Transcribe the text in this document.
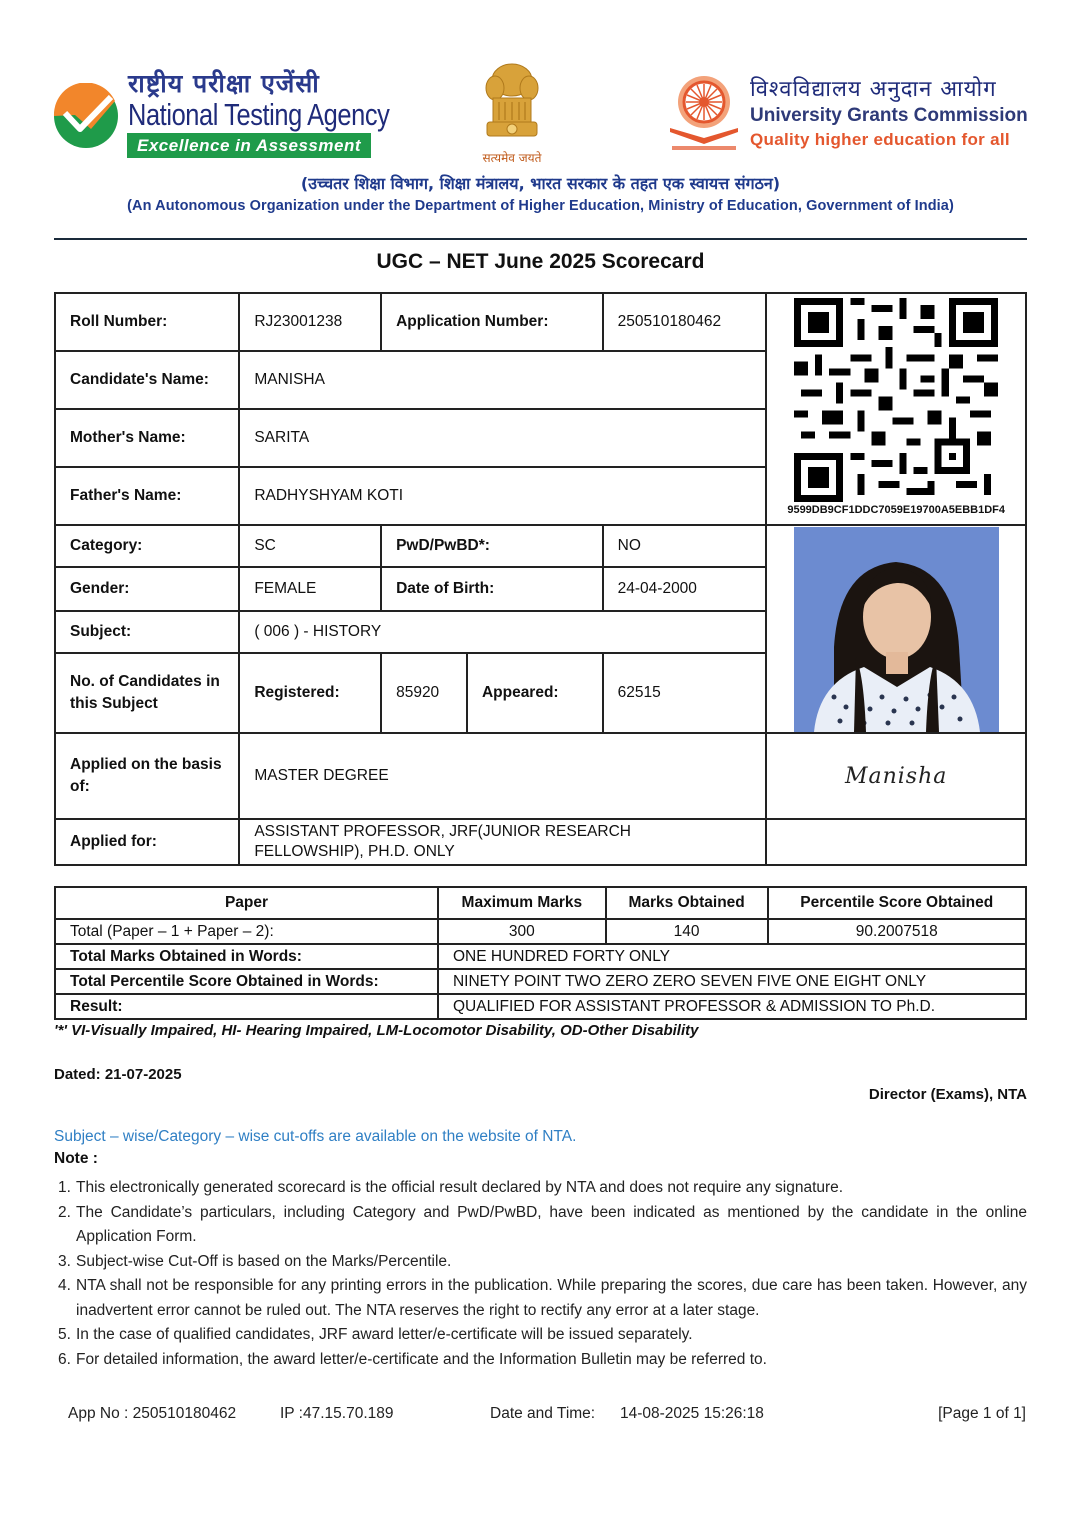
राष्ट्रीय परीक्षा एजेंसी
National Testing Agency
Excellence in Assessment
सत्यमेव जयते
विश्वविद्यालय अनुदान आयोग
University Grants Commission
Quality higher education for all
(उच्चतर शिक्षा विभाग, शिक्षा मंत्रालय, भारत सरकार के तहत एक स्वायत्त संगठन)
(An Autonomous Organization under the Department of Higher Education, Ministry of Education, Government of India)
UGC – NET June 2025 Scorecard
Roll Number:	RJ23001238	Application Number:		250510180462	9599DB9CF1DDC7059E19700A5EBB1DF4

Candidate's Name:	MANISHA				
Mother's Name:	SARITA				
Father's Name:	RADHYSHYAM KOTI				
Category:	SC	PwD/PwBD*:		NO	

Gender:	FEMALE	Date of Birth:		24-04-2000	
Subject:	( 006 ) - HISTORY				
No. of Candidates in this Subject	Registered:	85920	Appeared:	62515	
Applied on the basis of:	MASTER DEGREE				Manisha
Applied for:	ASSISTANT PROFESSOR, JRF(JUNIOR RESEARCH FELLOWSHIP), PH.D. ONLY				
Paper	Maximum Marks	Marks Obtained	Percentile Score Obtained
Total (Paper – 1 + Paper – 2):	300	140	90.2007518
Total Marks Obtained in Words:	ONE HUNDRED FORTY ONLY		
Total Percentile Score Obtained in Words:	NINETY POINT TWO ZERO ZERO SEVEN FIVE ONE EIGHT ONLY		
Result:	QUALIFIED FOR ASSISTANT PROFESSOR & ADMISSION TO Ph.D.		
'*' VI-Visually Impaired, HI- Hearing Impaired, LM-Locomotor Disability, OD-Other Disability
Dated: 21-07-2025
Director (Exams), NTA
Subject – wise/Category – wise cut-offs are available on the website of NTA.
Note :
1. This electronically generated scorecard is the official result declared by NTA and does not require any signature.
2. The Candidate’s particulars, including Category and PwD/PwBD, have been indicated as mentioned by the candidate in the online Application Form.
3. Subject-wise Cut-Off is based on the Marks/Percentile.
4. NTA shall not be responsible for any printing errors in the publication. While preparing the scores, due care has been taken. However, any inadvertent error cannot be ruled out. The NTA reserves the right to rectify any error at a later stage.
5. In the case of qualified candidates, JRF award letter/e-certificate will be issued separately.
6. For detailed information, the award letter/e-certificate and the Information Bulletin may be referred to.
App No : 250510180462	IP :47.15.70.189	Date and Time: 14-08-2025 15:26:18	[Page 1 of 1]
